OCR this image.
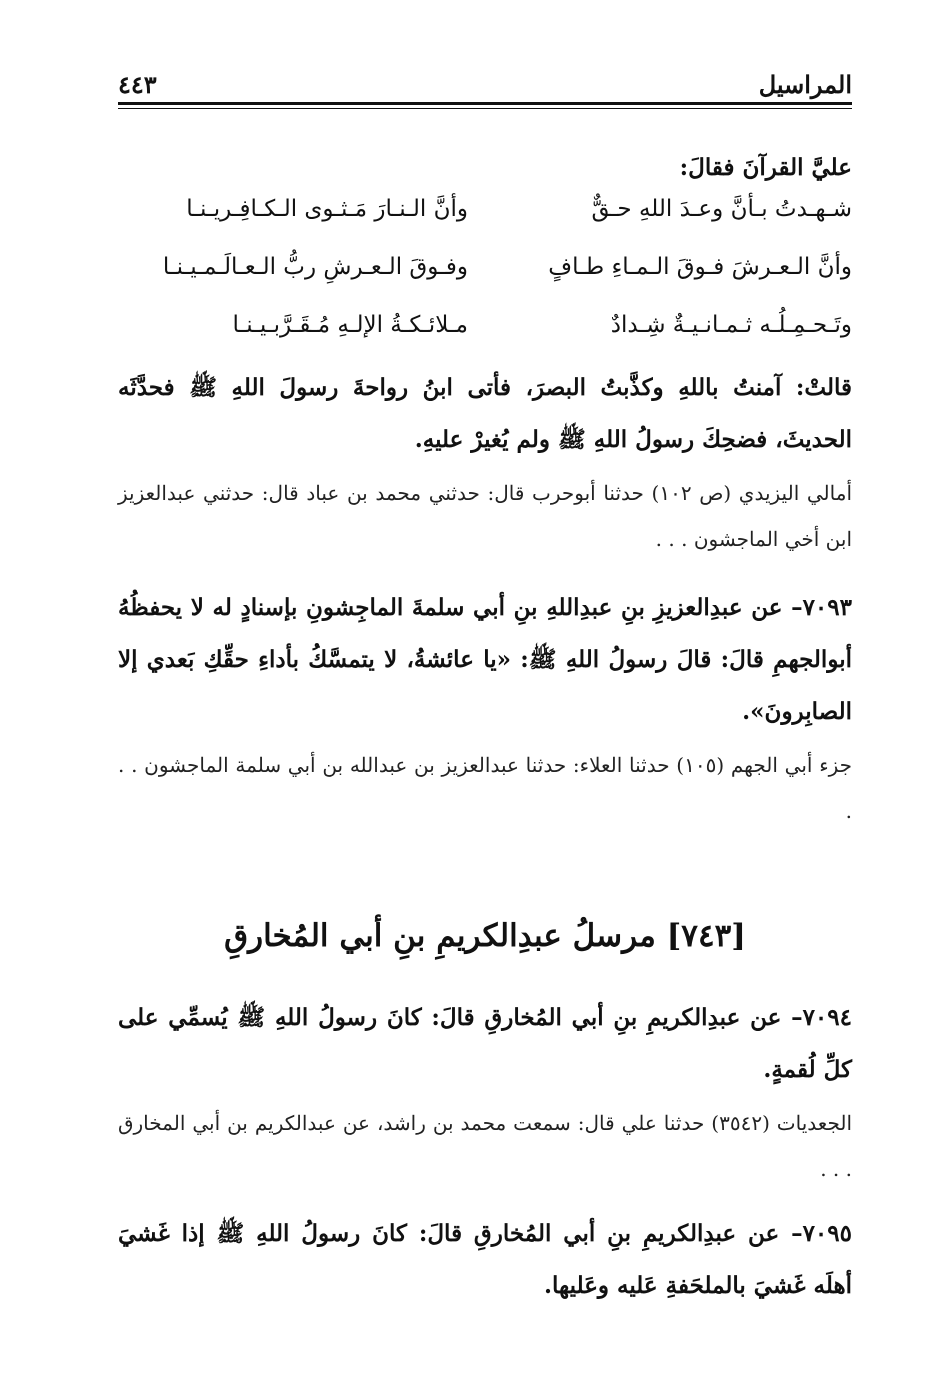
المراسيل
٤٤٣
عليَّ القرآنَ فقالَ:
شـهـدتُ بـأنَّ وعـدَ اللهِ حـقٌّ
وأنَّ الـنـارَ مَـثـوى الـكـافِـريـنـا
وأنَّ الـعـرشَ فـوقَ الـمـاءِ طـافٍ
وفـوقَ الـعـرشِ ربُّ الـعـالَـمـيـنـا
وتَـحـمِـلُـه ثـمـانـيـةٌ شِـدادٌ
مـلائـكـةُ الإلـهِ مُـقَـرَّبـيـنـا
قالتْ: آمنتُ باللهِ وكذَّبتُ البصرَ، فأتى ابنُ رواحةَ رسولَ اللهِ ﷺ فحدَّثَه الحديثَ، فضحِكَ رسولُ اللهِ ﷺ ولم يُغيرْ عليهِ.
أمالي اليزيدي (ص ١٠٢) حدثنا أبوحرب قال: حدثني محمد بن عباد قال: حدثني عبدالعزيز ابن أخي الماجشون . . .
٧٠٩٣– عن عبدِالعزيزِ بنِ عبدِاللهِ بنِ أبي سلمةَ الماجِشونِ بإسنادٍ له لا يحفظُهُ أبوالجهمِ قالَ: قالَ رسولُ اللهِ ﷺ: «يا عائشةُ، لا يتمسَّكُ بأداءِ حقِّكِ بَعدي إلا الصابِرونَ».
جزء أبي الجهم (١٠٥) حدثنا العلاء: حدثنا عبدالعزيز بن عبدالله بن أبي سلمة الماجشون . . .
[٧٤٣] مرسلُ عبدِالكريمِ بنِ أبي المُخارقِ
٧٠٩٤– عن عبدِالكريمِ بنِ أبي المُخارقِ قالَ: كانَ رسولُ اللهِ ﷺ يُسمِّي على كلِّ لُقمةٍ.
الجعديات (٣٥٤٢) حدثنا علي قال: سمعت محمد بن راشد، عن عبدالكريم بن أبي المخارق . . .
٧٠٩٥– عن عبدِالكريمِ بنِ أبي المُخارقِ قالَ: كانَ رسولُ اللهِ ﷺ إذا غَشيَ أهلَه غَشيَ بالملحَفةِ عَليه وعَليها.
